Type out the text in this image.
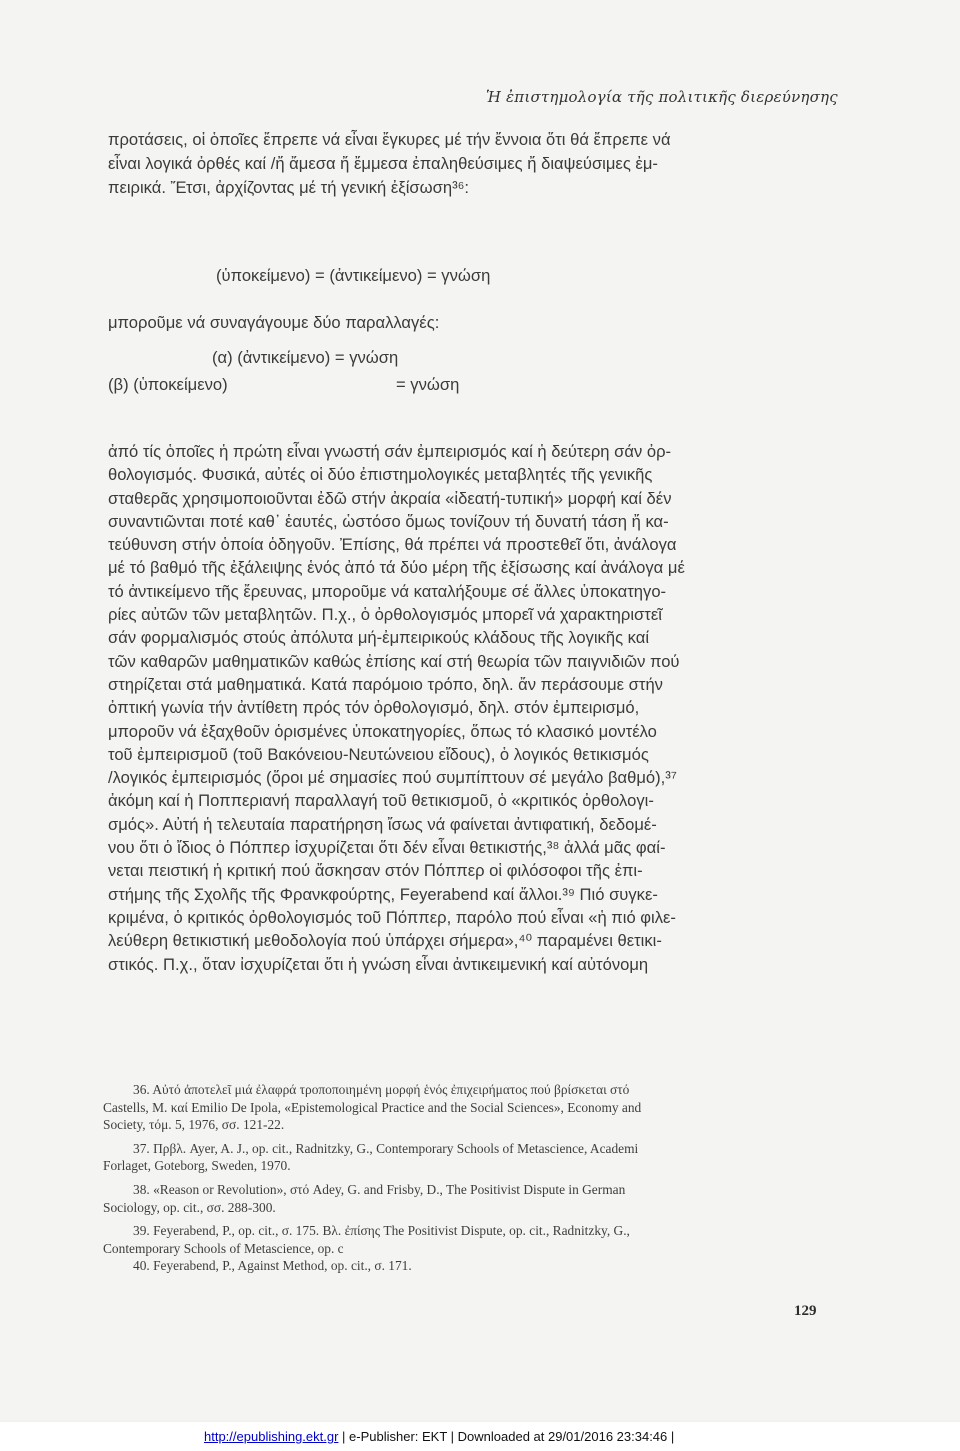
Ἡ ἐπιστημολογία τῆς πολιτικῆς διερεύνησης
προτάσεις, οἱ ὁποῖες ἔπρεπε νά εἶναι ἔγκυρες μέ τήν ἔννοια ὅτι θά ἔπρεπε νά
εἶναι λογικά ὀρθές καί /ἤ ἄμεσα ἤ ἔμμεσα ἐπαληθεύσιμες ἤ διαψεύσιμες ἐμ-
πειρικά. Ἔτσι, ἀρχίζοντας μέ τή γενική ἐξίσωση³⁶:
(ὑποκείμενο) = (ἀντικείμενο) = γνώση
μποροῦμε νά συναγάγουμε δύο παραλλαγές:
(α) (ἀντικείμενο) = γνώση
(β) (ὑποκείμενο)	= γνώση
ἀπό τίς ὁποῖες ἡ πρώτη εἶναι γνωστή σάν ἐμπειρισμός καί ἡ δεύτερη σάν ὀρ-
θολογισμός. Φυσικά, αὐτές οἱ δύο ἐπιστημολογικές μεταβλητές τῆς γενικῆς
σταθερᾶς χρησιμοποιοῦνται ἐδῶ στήν ἀκραία «ἰδεατή-τυπική» μορφή καί δέν
συναντιῶνται ποτέ καθ᾽ ἑαυτές, ὡστόσο ὅμως τονίζουν τή δυνατή τάση ἤ κα-
τεύθυνση στήν ὁποία ὁδηγοῦν. Ἐπίσης, θά πρέπει νά προστεθεῖ ὅτι, ἀνάλογα
μέ τό βαθμό τῆς ἐξάλειψης ἑνός ἀπό τά δύο μέρη τῆς ἐξίσωσης καί ἀνάλογα μέ
τό ἀντικείμενο τῆς ἔρευνας, μποροῦμε νά καταλήξουμε σέ ἄλλες ὑποκατηγο-
ρίες αὐτῶν τῶν μεταβλητῶν. Π.χ., ὁ ὀρθολογισμός μπορεῖ νά χαρακτηριστεῖ
σάν φορμαλισμός στούς ἀπόλυτα μή-ἐμπειρικούς κλάδους τῆς λογικῆς καί
τῶν καθαρῶν μαθηματικῶν καθώς ἐπίσης καί στή θεωρία τῶν παιγνιδιῶν πού
στηρίζεται στά μαθηματικά. Κατά παρόμοιο τρόπο, δηλ. ἄν περάσουμε στήν
ὀπτική γωνία τήν ἀντίθετη πρός τόν ὀρθολογισμό, δηλ. στόν ἐμπειρισμό,
μποροῦν νά ἐξαχθοῦν ὁρισμένες ὑποκατηγορίες, ὅπως τό κλασικό μοντέλο
τοῦ ἐμπειρισμοῦ (τοῦ Βακόνειου-Νευτώνειου εἴδους), ὁ λογικός θετικισμός
/λογικός ἐμπειρισμός (ὅροι μέ σημασίες πού συμπίπτουν σέ μεγάλο βαθμό),³⁷
ἀκόμη καί ἡ Ποππεριανή παραλλαγή τοῦ θετικισμοῦ, ὁ «κριτικός ὀρθολογι-
σμός». Αὐτή ἡ τελευταία παρατήρηση ἴσως νά φαίνεται ἀντιφατική, δεδομέ-
νου ὅτι ὁ ἴδιος ὁ Πόππερ ἰσχυρίζεται ὅτι δέν εἶναι θετικιστής,³⁸ ἀλλά μᾶς φαί-
νεται πειστική ἡ κριτική πού ἄσκησαν στόν Πόππερ οἱ φιλόσοφοι τῆς ἐπι-
στήμης τῆς Σχολῆς τῆς Φρανκφούρτης, Feyerabend καί ἄλλοι.³⁹ Πιό συγκε-
κριμένα, ὁ κριτικός ὀρθολογισμός τοῦ Πόππερ, παρόλο πού εἶναι «ἡ πιό φιλε-
λεύθερη θετικιστική μεθοδολογία πού ὑπάρχει σήμερα»,⁴⁰ παραμένει θετικι-
στικός. Π.χ., ὅταν ἰσχυρίζεται ὅτι ἡ γνώση εἶναι ἀντικειμενική καί αὐτόνομη
36. Αὐτό ἀποτελεῖ μιά ἐλαφρά τροποποιημένη μορφή ἑνός ἐπιχειρήματος πού βρίσκεται στό
Castells, M. καί Emilio De Ipola, «Epistemological Practice and the Social Sciences», Economy and
Society, τόμ. 5, 1976, σσ. 121-22.
37. Πρβλ. Ayer, A. J., op. cit., Radnitzky, G., Contemporary Schools of Metascience, Academi
Forlaget, Goteborg, Sweden, 1970.
38. «Reason or Revolution», στό Adey, G. and Frisby, D., The Positivist Dispute in German
Sociology, op. cit., σσ. 288-300.
39. Feyerabend, P., op. cit., σ. 175. Βλ. ἐπίσης The Positivist Dispute, op. cit., Radnitzky, G.,
Contemporary Schools of Metascience, op. c
40. Feyerabend, P., Against Method, op. cit., σ. 171.
129
http://epublishing.ekt.gr | e-Publisher: EKT | Downloaded at 29/01/2016 23:34:46 |
